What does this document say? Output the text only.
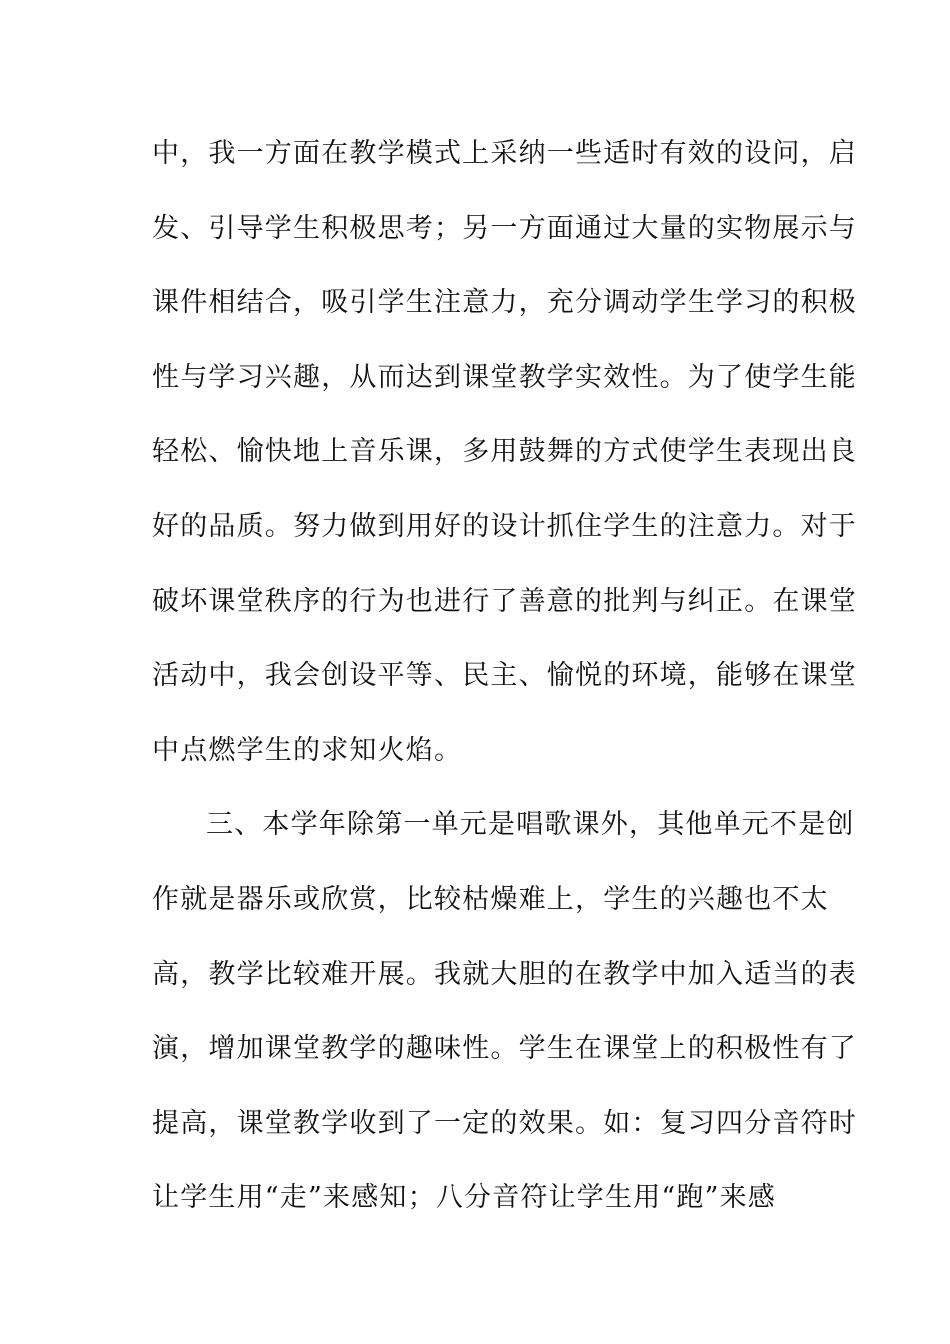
中，我一方面在教学模式上采纳一些适时有效的设问，启
发、引导学生积极思考；另一方面通过大量的实物展示与
课件相结合，吸引学生注意力，充分调动学生学习的积极
性与学习兴趣，从而达到课堂教学实效性。为了使学生能
轻松、愉快地上音乐课，多用鼓舞的方式使学生表现出良
好的品质。努力做到用好的设计抓住学生的注意力。对于
破坏课堂秩序的行为也进行了善意的批判与纠正。在课堂
活动中，我会创设平等、民主、愉悦的环境，能够在课堂
中点燃学生的求知火焰。
三、本学年除第一单元是唱歌课外，其他单元不是创
作就是器乐或欣赏，比较枯燥难上，学生的兴趣也不太
高，教学比较难开展。我就大胆的在教学中加入适当的表
演，增加课堂教学的趣味性。学生在课堂上的积极性有了
提高，课堂教学收到了一定的效果。如：复习四分音符时
让学生用“走”来感知；八分音符让学生用“跑”来感
